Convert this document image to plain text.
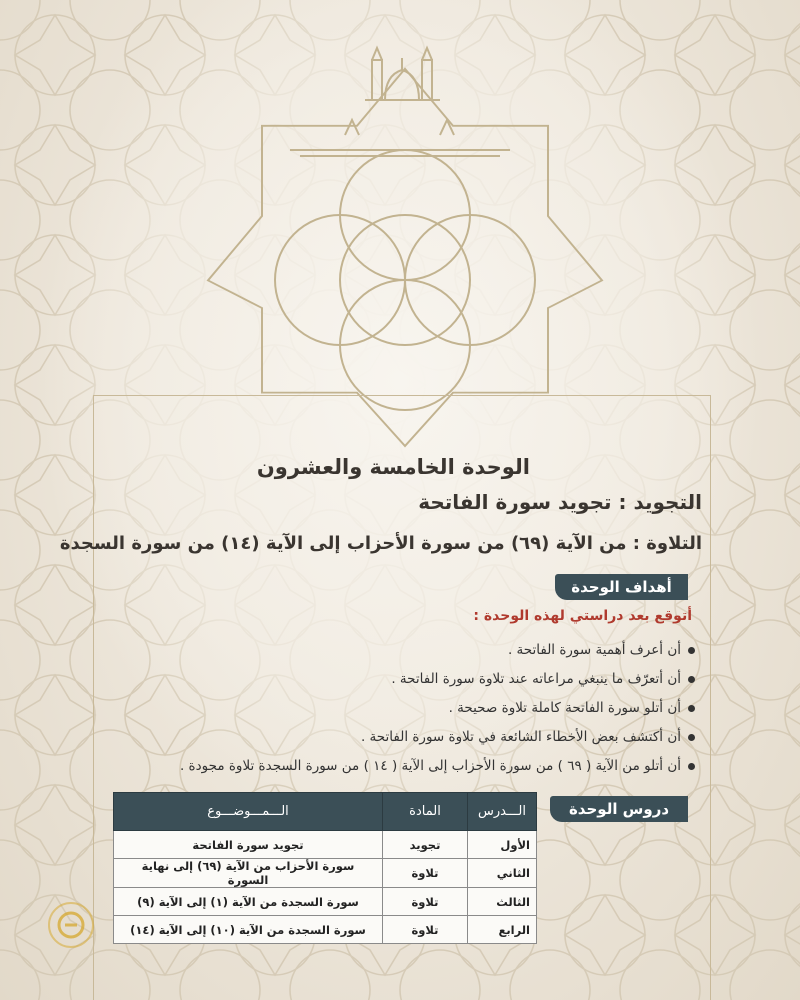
الوحدة الخامسة والعشرون
التجويد : تجويد سورة الفاتحة
التلاوة : من الآية (٦٩) من سورة الأحزاب إلى الآية (١٤) من سورة السجدة
أهداف الوحدة
أتوقع بعد دراستي لهذه الوحدة :
أن أعرف أهمية سورة الفاتحة .
أن أتعرّف ما ينبغي مراعاته عند تلاوة سورة الفاتحة .
أن أتلو سورة الفاتحة كاملة تلاوة صحيحة .
أن أكتشف بعض الأخطاء الشائعة في تلاوة سورة الفاتحة .
أن أتلو من الآية ( ٦٩ ) من سورة الأحزاب إلى الآية ( ١٤ ) من سورة السجدة تلاوة مجودة .
دروس الوحدة
الـــدرس	المادة	الـــمـــوضـــوع
الأول	تجويد	تجويد سورة الفاتحة
الثاني	تلاوة	سورة الأحزاب من الآية (٦٩) إلى نهاية السورة
الثالث	تلاوة	سورة السجدة من الآية (١) إلى الآية (٩)
الرابع	تلاوة	سورة السجدة من الآية (١٠) إلى الآية (١٤)
